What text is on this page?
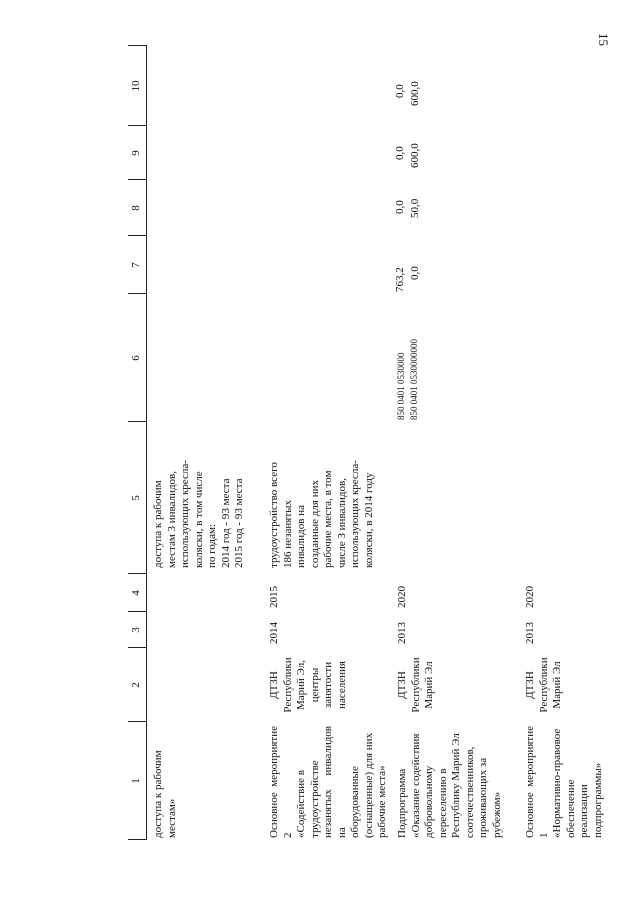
15
1
2
3
4
5
6
7
8
9
10
доступа к рабочим
местам»
доступа к рабочим
местам 3 инвалидов,
использующих кресла-
коляски, в том числе
по годам:
2014 год - 93 места
2015 год - 93 места
Основное мероприятие 2
«Содействие в
трудоустройстве
незанятых инвалидов на
оборудованные
(оснащенные) для них
рабочие места»
ДТЗН
Республики
Марий Эл,
центры
занятости
населения
2014
2015
трудоустройство всего
186 незанятых
инвалидов на
созданные для них
рабочие места, в том
числе 3 инвалидов,
использующих кресла-
коляски, в 2014 году
Подпрограмма
«Оказание содействия
добровольному
переселению в
Республику Марий Эл
соотечественников,
проживающих за
рубежом»
ДТЗН
Республики
Марий Эл
2013
2020
850 0401 0530000 850 0401 0530000000
763,2 0,0
0,0 50,0
0,0 600,0
0,0 600,0
Основное мероприятие 1
«Нормативно-правовое
обеспечение реализации
подпрограммы»
ДТЗН
Республики
Марий Эл
2013
2020
